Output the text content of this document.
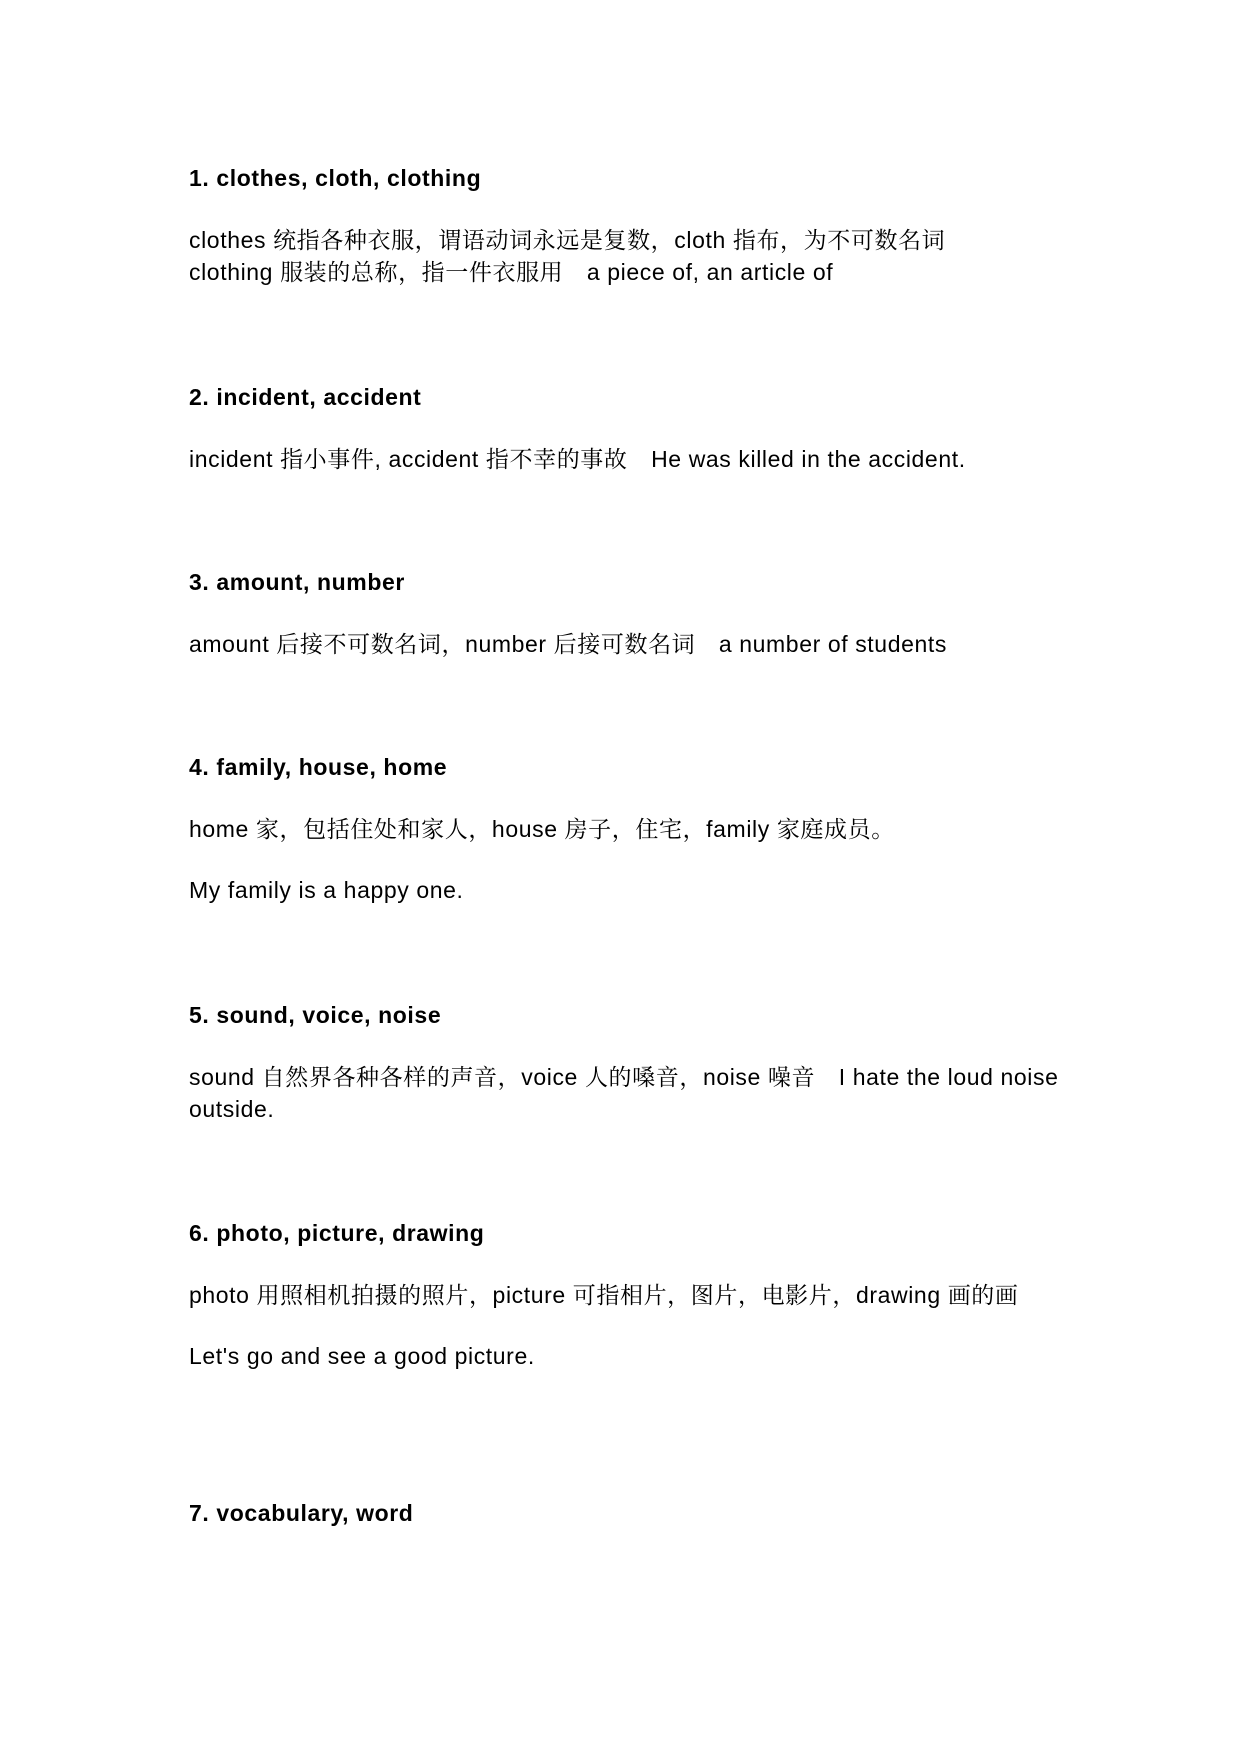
1. clothes, cloth, clothing

clothes 统指各种衣服，谓语动词永远是复数，cloth 指布，为不可数名词
clothing 服装的总称，指一件衣服用　a piece of, an article of

2. incident, accident

incident 指小事件, accident 指不幸的事故　He was killed in the accident.

3. amount, number

amount 后接不可数名词，number 后接可数名词　a number of students

4. family, house, home

home 家，包括住处和家人，house 房子，住宅，family 家庭成员。

My family is a happy one.

5. sound, voice, noise

sound 自然界各种各样的声音，voice 人的嗓音，noise 噪音　I hate the loud noise outside.

6. photo, picture, drawing

photo 用照相机拍摄的照片，picture 可指相片，图片，电影片，drawing 画的画

Let's go and see a good picture.

7. vocabulary, word
